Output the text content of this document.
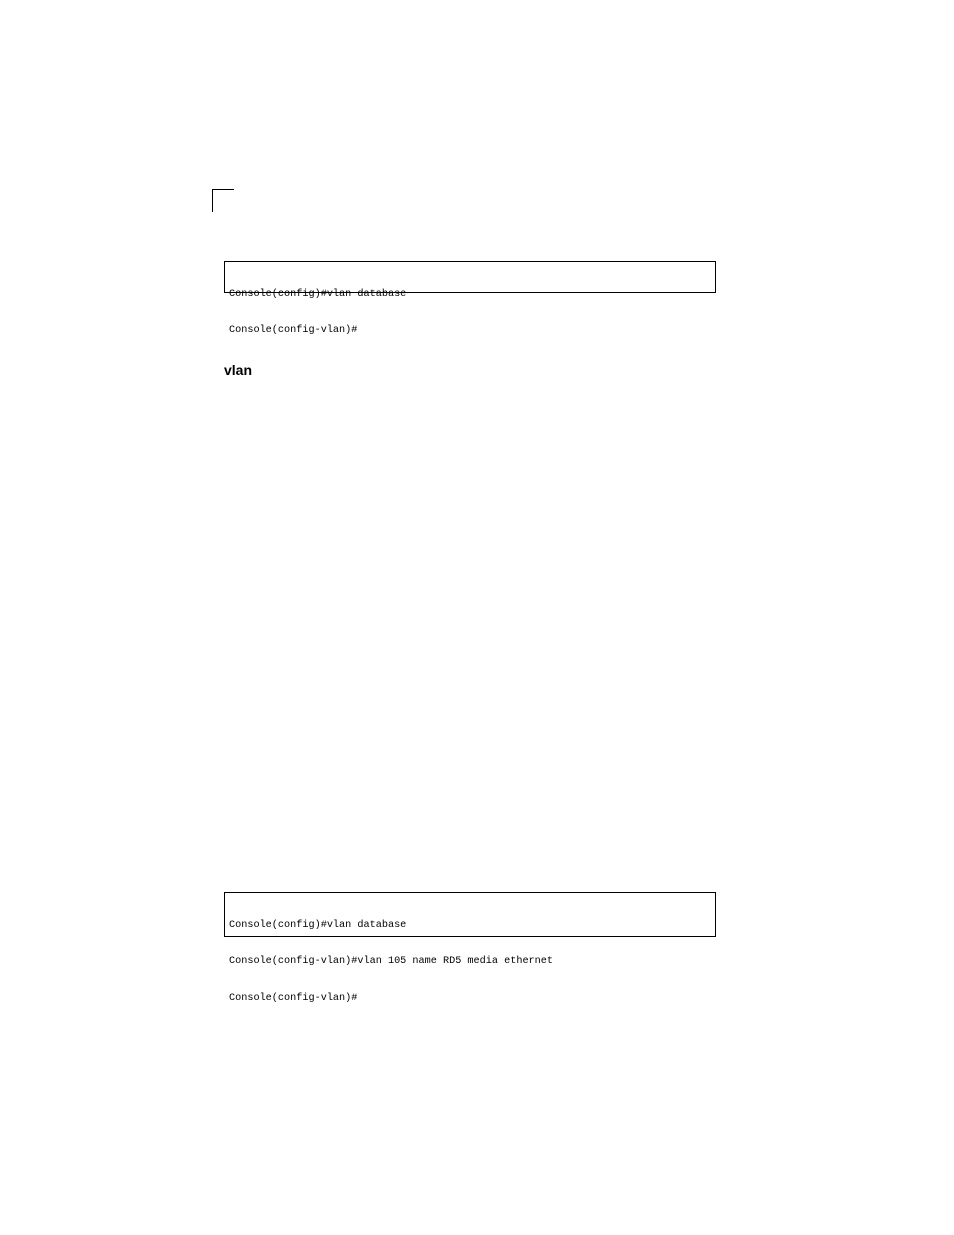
Console(config)#vlan database

Console(config-vlan)#

vlan

Console(config)#vlan database

Console(config-vlan)#vlan 105 name RD5 media ethernet

Console(config-vlan)#
